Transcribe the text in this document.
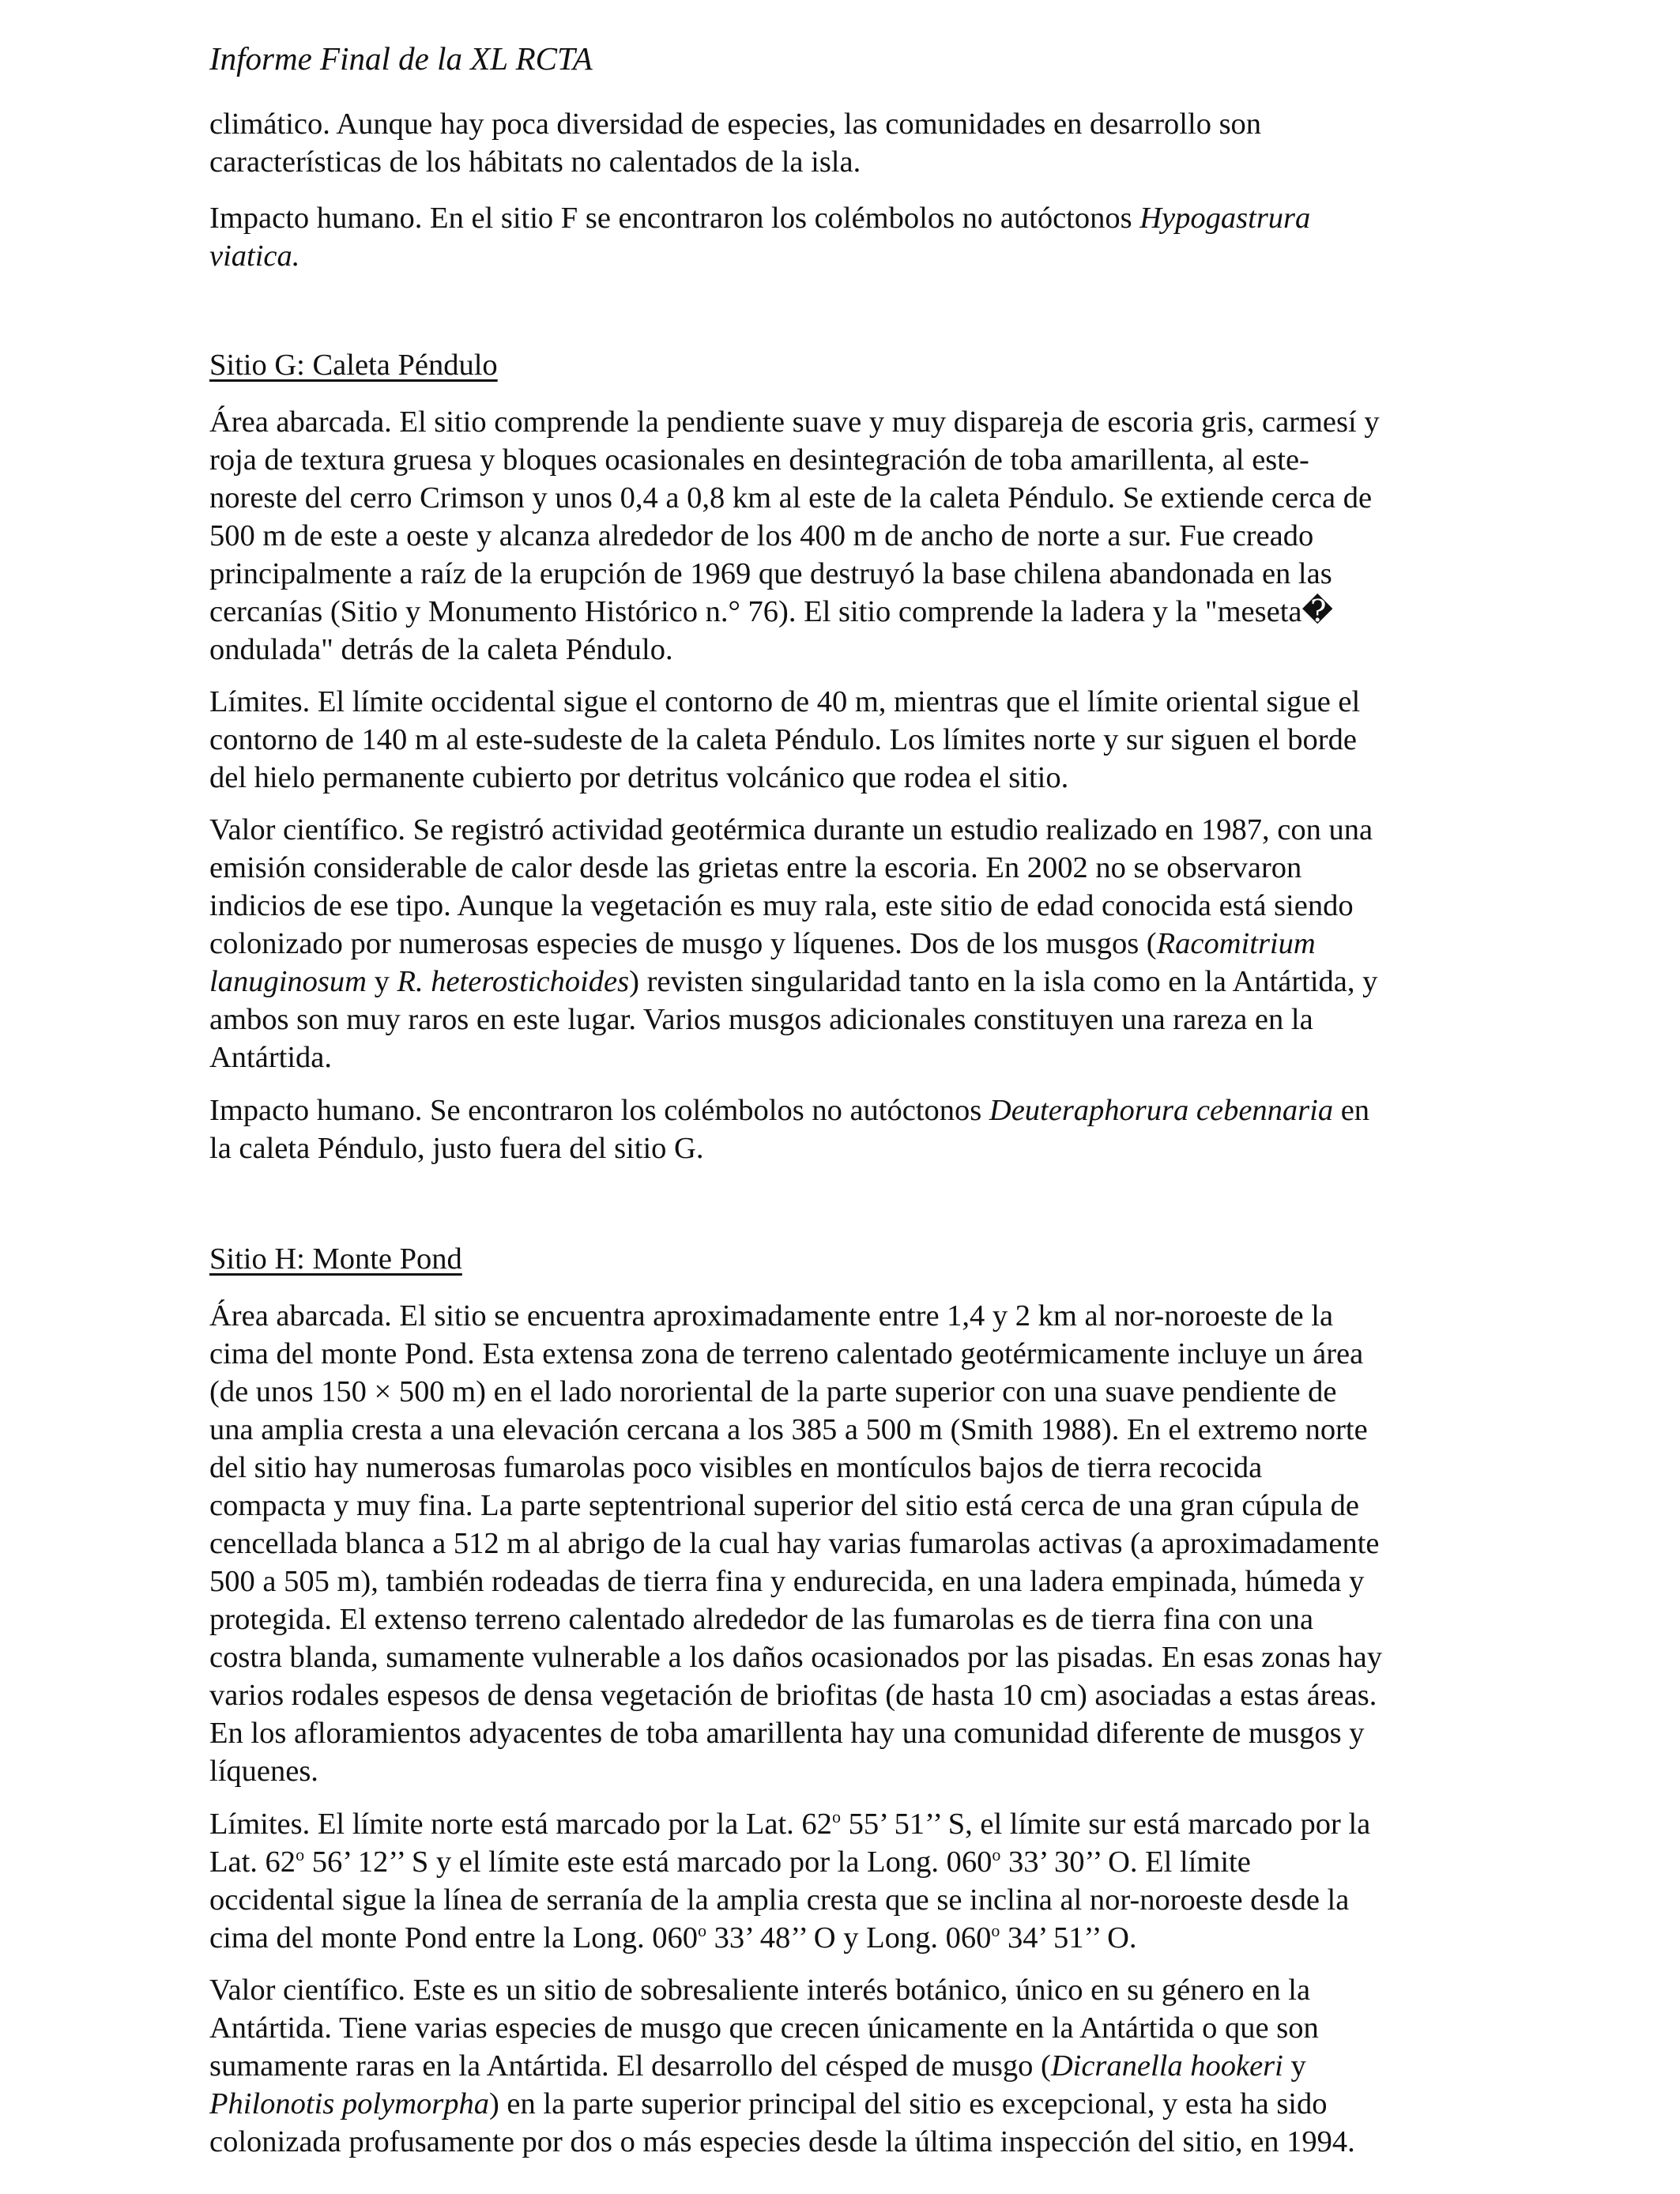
Informe Final de la XL RCTA
climático. Aunque hay poca diversidad de especies, las comunidades en desarrollo son
características de los hábitats no calentados de la isla.
Impacto humano. En el sitio F se encontraron los colémbolos no autóctonos Hypogastrura
viatica.
Sitio G: Caleta Péndulo
Área abarcada. El sitio comprende la pendiente suave y muy dispareja de escoria gris, carmesí y
roja de textura gruesa y bloques ocasionales en desintegración de toba amarillenta, al este-
noreste del cerro Crimson y unos 0,4 a 0,8 km al este de la caleta Péndulo. Se extiende cerca de
500 m de este a oeste y alcanza alrededor de los 400 m de ancho de norte a sur. Fue creado
principalmente a raíz de la erupción de 1969 que destruyó la base chilena abandonada en las
cercanías (Sitio y Monumento Histórico n.° 76). El sitio comprende la ladera y la "meseta�
ondulada" detrás de la caleta Péndulo.
Límites. El límite occidental sigue el contorno de 40 m, mientras que el límite oriental sigue el
contorno de 140 m al este-sudeste de la caleta Péndulo. Los límites norte y sur siguen el borde
del hielo permanente cubierto por detritus volcánico que rodea el sitio.
Valor científico. Se registró actividad geotérmica durante un estudio realizado en 1987, con una
emisión considerable de calor desde las grietas entre la escoria. En 2002 no se observaron
indicios de ese tipo. Aunque la vegetación es muy rala, este sitio de edad conocida está siendo
colonizado por numerosas especies de musgo y líquenes. Dos de los musgos (Racomitrium
lanuginosum y R. heterostichoides) revisten singularidad tanto en la isla como en la Antártida, y
ambos son muy raros en este lugar. Varios musgos adicionales constituyen una rareza en la
Antártida.
Impacto humano. Se encontraron los colémbolos no autóctonos Deuteraphorura cebennaria en
la caleta Péndulo, justo fuera del sitio G.
Sitio H: Monte Pond
Área abarcada. El sitio se encuentra aproximadamente entre 1,4 y 2 km al nor-noroeste de la
cima del monte Pond. Esta extensa zona de terreno calentado geotérmicamente incluye un área
(de unos 150 × 500 m) en el lado nororiental de la parte superior con una suave pendiente de
una amplia cresta a una elevación cercana a los 385 a 500 m (Smith 1988). En el extremo norte
del sitio hay numerosas fumarolas poco visibles en montículos bajos de tierra recocida
compacta y muy fina. La parte septentrional superior del sitio está cerca de una gran cúpula de
cencellada blanca a 512 m al abrigo de la cual hay varias fumarolas activas (a aproximadamente
500 a 505 m), también rodeadas de tierra fina y endurecida, en una ladera empinada, húmeda y
protegida. El extenso terreno calentado alrededor de las fumarolas es de tierra fina con una
costra blanda, sumamente vulnerable a los daños ocasionados por las pisadas. En esas zonas hay
varios rodales espesos de densa vegetación de briofitas (de hasta 10 cm) asociadas a estas áreas.
En los afloramientos adyacentes de toba amarillenta hay una comunidad diferente de musgos y
líquenes.
Límites. El límite norte está marcado por la Lat. 62$^o$ 55’ 51’’ S, el límite sur está marcado por la
Lat. 62$^o$ 56’ 12’’ S y el límite este está marcado por la Long. 060$^o$ 33’ 30’’ O. El límite
occidental sigue la línea de serranía de la amplia cresta que se inclina al nor-noroeste desde la
cima del monte Pond entre la Long. 060$^o$ 33’ 48’’ O y Long. 060$^o$ 34’ 51’’ O.
Valor científico. Este es un sitio de sobresaliente interés botánico, único en su género en la
Antártida. Tiene varias especies de musgo que crecen únicamente en la Antártida o que son
sumamente raras en la Antártida. El desarrollo del césped de musgo (Dicranella hookeri y
Philonotis polymorpha) en la parte superior principal del sitio es excepcional, y esta ha sido
colonizada profusamente por dos o más especies desde la última inspección del sitio, en 1994.
